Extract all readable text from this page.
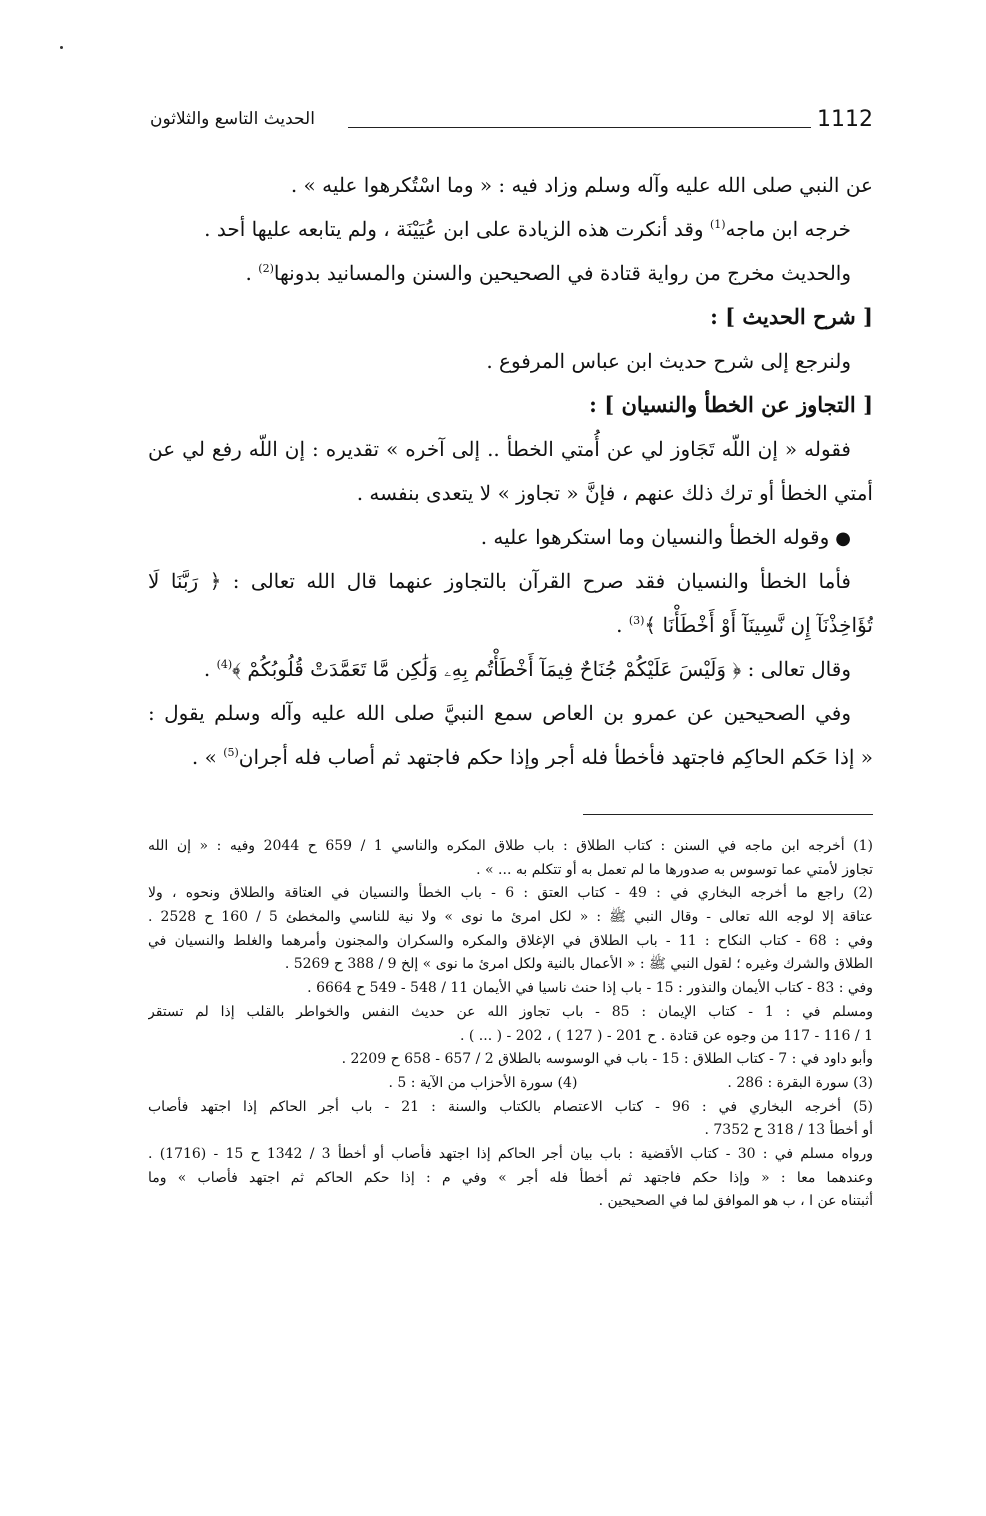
1112
الحديث التاسع والثلاثون
عن النبي صلى الله عليه وآله وسلم وزاد فيه : « وما اسْتُكرهوا عليه » .
خرجه ابن ماجه$^{(1)}$ وقد أنكرت هذه الزيادة على ابن عُيَيْنَة ، ولم يتابعه عليها أحد .
والحديث مخرج من رواية قتادة في الصحيحين والسنن والمسانيد بدونها$^{(2)}$ .
[ شرح الحديث ] :
ولنرجع إلى شرح حديث ابن عباس المرفوع .
[ التجاوز عن الخطأ والنسيان ] :
فقوله « إن اللّه تَجَاوز لي عن أُمتي الخطأ .. إلى آخره » تقديره : إن اللّه رفع لي عن
أمتي الخطأ أو ترك ذلك عنهم ، فإنَّ « تجاوز » لا يتعدى بنفسه .
●وقوله الخطأ والنسيان وما استكرهوا عليه .
فأما الخطأ والنسيان فقد صرح القرآن بالتجاوز عنهما قال الله تعالى : ﴿ رَبَّنَا لَا
تُؤَاخِذْنَآ إِن نَّسِينَآ أَوْ أَخْطَأْنَا ﴾$^{(3)}$ .
وقال تعالى : ﴿ وَلَيْسَ عَلَيْكُمْ جُنَاحٌ فِيمَآ أَخْطَأْتُم بِهِۦ وَلَٰكِن مَّا تَعَمَّدَتْ قُلُوبُكُمْ ﴾$^{(4)}$ .
وفي الصحيحين عن عمرو بن العاص سمع النبيَّ صلى الله عليه وآله وسلم يقول :
« إذا حَكم الحاكِم فاجتهد فأخطأ فله أجر وإذا حكم فاجتهد ثم أصاب فله أجران$^{(5)}$ » .
(1) أخرجه ابن ماجه في السنن : كتاب الطلاق : باب طلاق المكره والناسي 1 / 659 ح 2044 وفيه : « إن الله
تجاوز لأمتي عما توسوس به صدورها ما لم تعمل به أو تتكلم به ... » .
(2) راجع ما أخرجه البخاري في : 49 - كتاب العتق : 6 - باب الخطأ والنسيان في العتاقة والطلاق ونحوه ، ولا
عتاقة إلا لوجه الله تعالى - وقال النبي ﷺ : « لكل امرئ ما نوى » ولا نية للناسي والمخطئ 5 / 160 ح 2528 .
وفي : 68 - كتاب النكاح : 11 - باب الطلاق في الإغلاق والمكره والسكران والمجنون وأمرهما والغلط والنسيان في
الطلاق والشرك وغيره ؛ لقول النبي ﷺ : « الأعمال بالنية ولكل امرئ ما نوى » إلخ 9 / 388 ح 5269 .
وفي : 83 - كتاب الأيمان والنذور : 15 - باب إذا حنث ناسيا في الأيمان 11 / 548 - 549 ح 6664 .
ومسلم في : 1 - كتاب الإيمان : 85 - باب تجاوز الله عن حديث النفس والخواطر بالقلب إذا لم تستقر
1 / 116 - 117 من وجوه عن قتادة . ح 201 - ( 127 ) ، 202 - ( ... ) .
وأبو داود في : 7 - كتاب الطلاق : 15 - باب في الوسوسه بالطلاق 2 / 657 - 658 ح 2209 .
(3) سورة البقرة : 286 .
(4) سورة الأحزاب من الآية : 5 .
(5) أخرجه البخاري في : 96 - كتاب الاعتصام بالكتاب والسنة : 21 - باب أجر الحاكم إذا اجتهد فأصاب
أو أخطأ 13 / 318 ح 7352 .
ورواه مسلم في : 30 - كتاب الأقضية : باب بيان أجر الحاكم إذا اجتهد فأصاب أو أخطأ 3 / 1342 ح 15 - (1716) .
وعندهما معا : « وإذا حكم فاجتهد ثم أخطأ فله أجر » وفي م : إذا حكم الحاكم ثم اجتهد فأصاب » وما
أثبتناه عن ا ، ب هو الموافق لما في الصحيحين .
